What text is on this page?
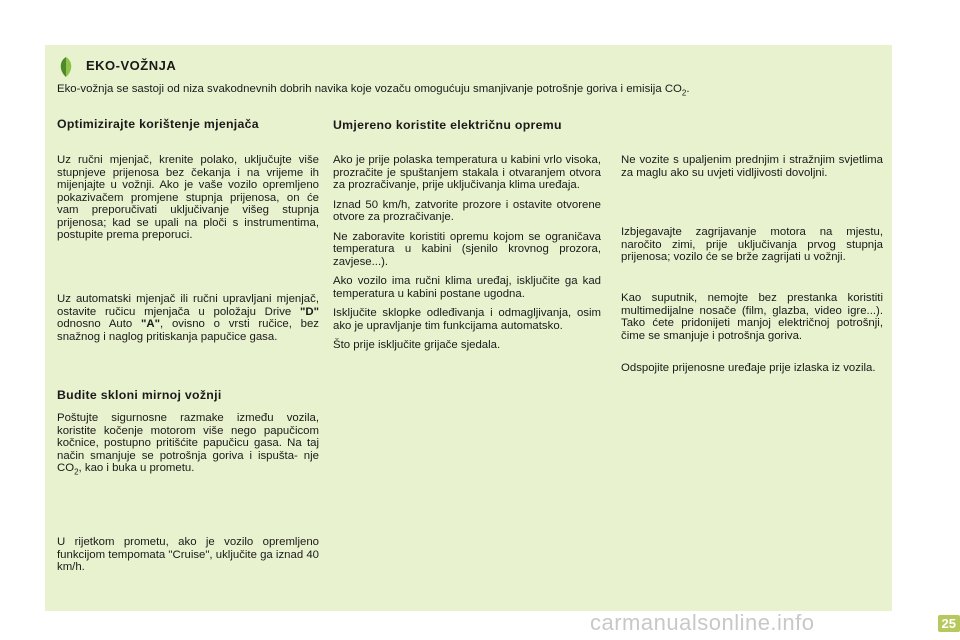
EKO-VOŽNJA
Eko-vožnja se sastoji od niza svakodnevnih dobrih navika koje vozaču omogućuju smanjivanje potrošnje goriva i emisija $CO_2$.
Optimizirajte korištenje mjenjača

Uz ručni mjenjač, krenite polako, uključujte više stupnjeve prijenosa bez čekanja i na vrijeme ih mijenjajte u vožnji. Ako je vaše vozilo opremljeno pokazivačem promjene stupnja prijenosa, on će vam preporučivati uključivanje višeg stupnja prijenosa; kad se upali na ploči s instrumentima, postupite prema preporuci.

Uz automatski mjenjač ili ručni upravljani mjenjač, ostavite ručicu mjenjača u položaju Drive "D" odnosno Auto "A", ovisno o vrsti ručice, bez snažnog i naglog pritiskanja papučice gasa.

Budite skloni mirnoj vožnji

Poštujte sigurnosne razmake između vozila, koristite kočenje motorom više nego papučicom kočnice, postupno pritišćite papučicu gasa. Na taj način smanjuje se potrošnja goriva i ispušta- nje $CO_2$, kao i buka u prometu.

U rijetkom prometu, ako je vozilo opremljeno funkcijom tempomata "Cruise", uključite ga iznad 40 km/h.

Umjereno koristite električnu opremu

Ako je prije polaska temperatura u kabini vrlo visoka, prozračite je spuštanjem stakala i otvaranjem otvora za prozračivanje, prije uključivanja klima uređaja.

Iznad 50 km/h, zatvorite prozore i ostavite otvorene otvore za prozračivanje.

Ne zaboravite koristiti opremu kojom se ograničava temperatura u kabini (sjenilo krovnog prozora, zavjese...).

Ako vozilo ima ručni klima uređaj, isključite ga kad temperatura u kabini postane ugodna.

Isključite sklopke odleđivanja i odmagljivanja, osim ako je upravljanje tim funkcijama automatsko.

Što prije isključite grijače sjedala.

Ne vozite s upaljenim prednjim i stražnjim svjetlima za maglu ako su uvjeti vidljivosti dovoljni.

Izbjegavajte zagrijavanje motora na mjestu, naročito zimi, prije uključivanja prvog stupnja prijenosa; vozilo će se brže zagrijati u vožnji.

Kao suputnik, nemojte bez prestanka koristiti multimedijalne nosače (film, glazba, video igre...). Tako ćete pridonijeti manjoj električnoj potrošnji, čime se smanjuje i potrošnja goriva.

Odspojite prijenosne uređaje prije izlaska iz vozila.

25
carmanualsonline.info
